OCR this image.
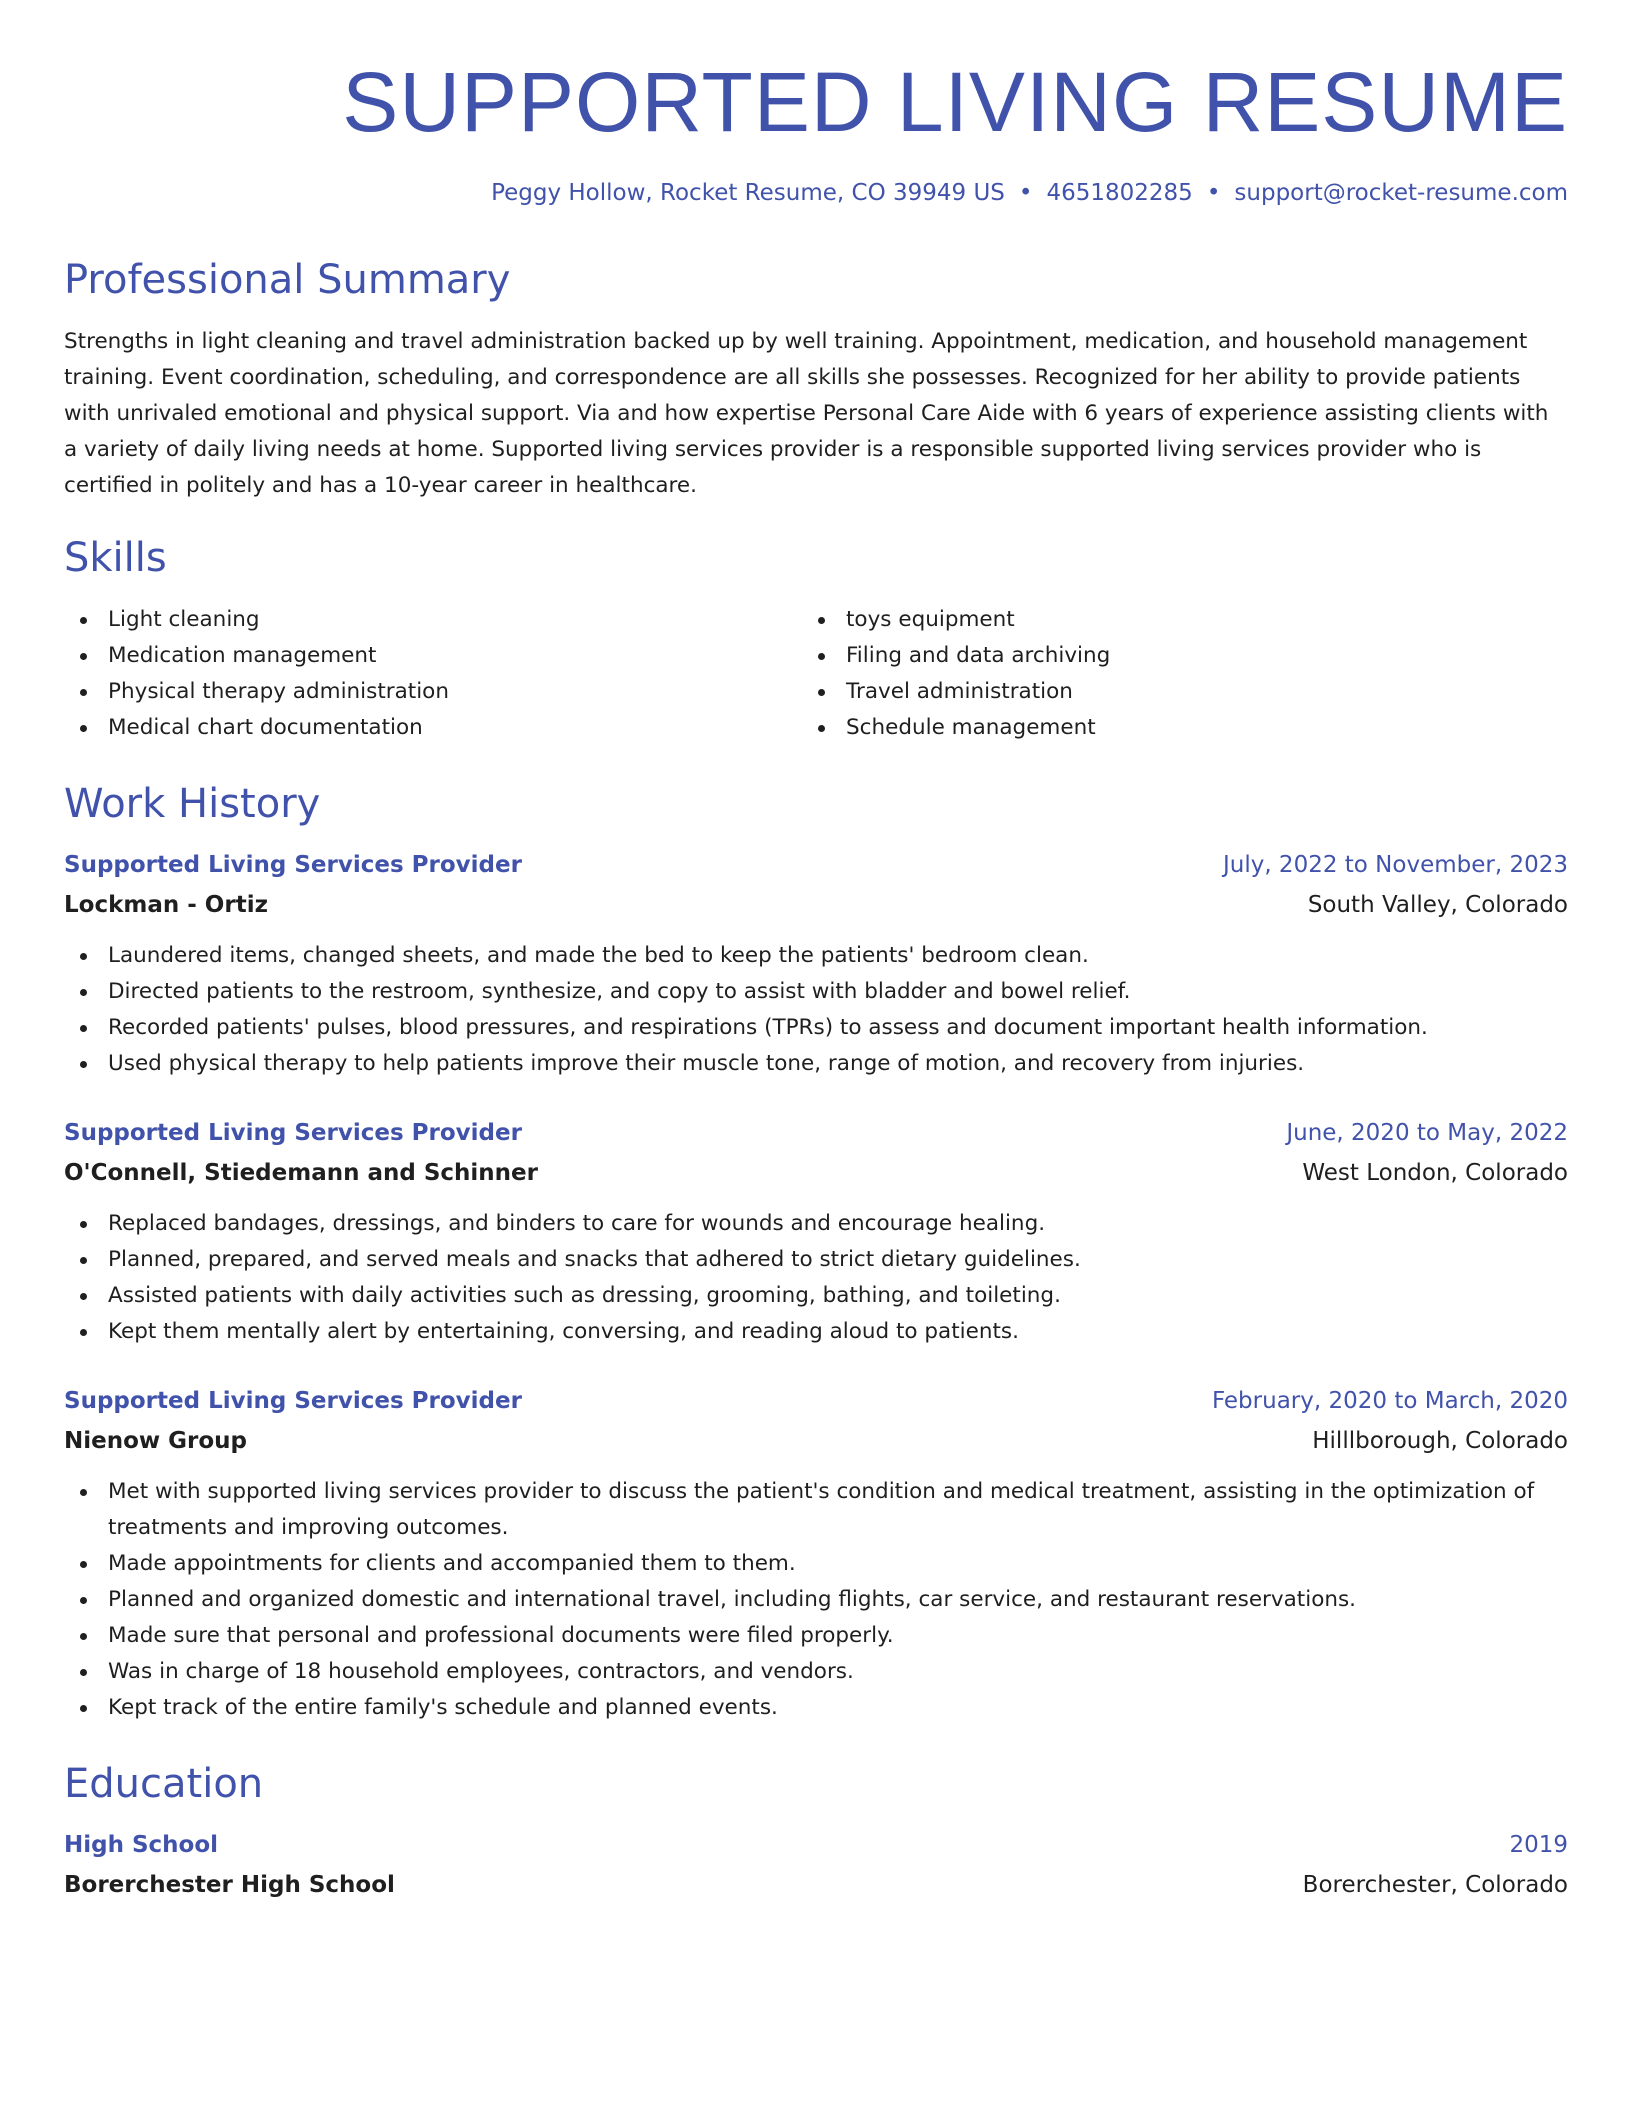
SUPPORTED LIVING RESUME
Peggy Hollow, Rocket Resume, CO 39949 US • 4651802285 • support@rocket-resume.com
Professional Summary

Strengths in light cleaning and travel administration backed up by well training. Appointment, medication, and household management training. Event coordination, scheduling, and correspondence are all skills she possesses. Recognized for her ability to provide patients with unrivaled emotional and physical support. Via and how expertise Personal Care Aide with 6 years of experience assisting clients with a variety of daily living needs at home. Supported living services provider is a responsible supported living services provider who is certified in politely and has a 10-year career in healthcare.

Skills
Light cleaning
Medication management
Physical therapy administration
Medical chart documentation
toys equipment
Filing and data archiving
Travel administration
Schedule management
Work History
Supported Living Services Provider	July, 2022 to November, 2023
Lockman - Ortiz	South Valley, Colorado
Laundered items, changed sheets, and made the bed to keep the patients' bedroom clean.
Directed patients to the restroom, synthesize, and copy to assist with bladder and bowel relief.
Recorded patients' pulses, blood pressures, and respirations (TPRs) to assess and document important health information.
Used physical therapy to help patients improve their muscle tone, range of motion, and recovery from injuries.
Supported Living Services Provider	June, 2020 to May, 2022
O'Connell, Stiedemann and Schinner	West London, Colorado
Replaced bandages, dressings, and binders to care for wounds and encourage healing.
Planned, prepared, and served meals and snacks that adhered to strict dietary guidelines.
Assisted patients with daily activities such as dressing, grooming, bathing, and toileting.
Kept them mentally alert by entertaining, conversing, and reading aloud to patients.
Supported Living Services Provider	February, 2020 to March, 2020
Nienow Group	Hilllborough, Colorado
Met with supported living services provider to discuss the patient's condition and medical treatment, assisting in the optimization of treatments and improving outcomes.
Made appointments for clients and accompanied them to them.
Planned and organized domestic and international travel, including flights, car service, and restaurant reservations.
Made sure that personal and professional documents were filed properly.
Was in charge of 18 household employees, contractors, and vendors.
Kept track of the entire family's schedule and planned events.
Education
High School	2019
Borerchester High School	Borerchester, Colorado
